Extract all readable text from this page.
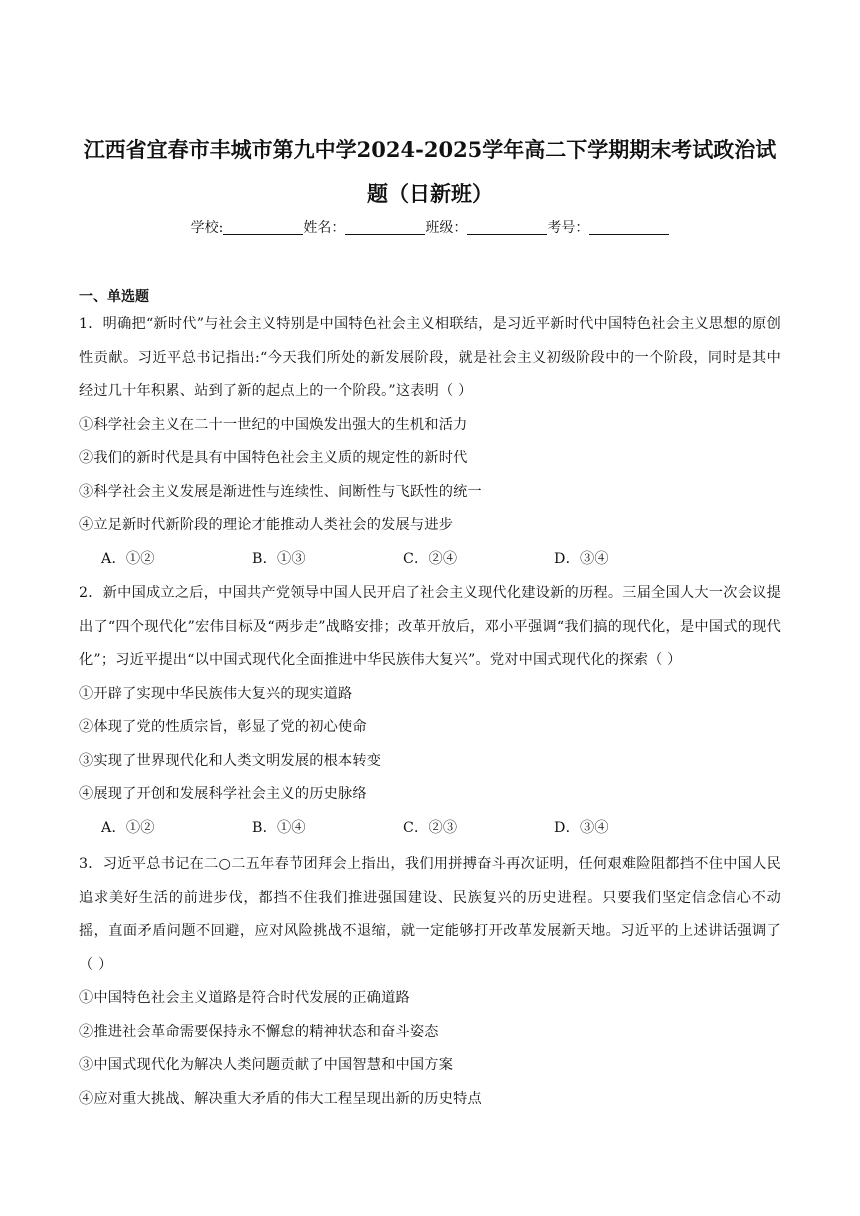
江西省宜春市丰城市第九中学2024-2025学年高二下学期期末考试政治试
题（日新班）
学校:	姓名：	班级：	考号：
一、单选题
1．明确把“新时代”与社会主义特别是中国特色社会主义相联结，是习近平新时代中国特色社会主义思想的原创性贡献。习近平总书记指出:“今天我们所处的新发展阶段，就是社会主义初级阶段中的一个阶段，同时是其中经过几十年积累、站到了新的起点上的一个阶段。”这表明（ ）
①科学社会主义在二十一世纪的中国焕发出强大的生机和活力
②我们的新时代是具有中国特色社会主义质的规定性的新时代
③科学社会主义发展是渐进性与连续性、间断性与飞跃性的统一
④立足新时代新阶段的理论才能推动人类社会的发展与进步
A．①②	B．①③	C．②④	D．③④
2．新中国成立之后，中国共产党领导中国人民开启了社会主义现代化建设新的历程。三届全国人大一次会议提出了“四个现代化”宏伟目标及“两步走”战略安排；改革开放后，邓小平强调“我们搞的现代化，是中国式的现代化”；习近平提出“以中国式现代化全面推进中华民族伟大复兴”。党对中国式现代化的探索（ ）
①开辟了实现中华民族伟大复兴的现实道路
②体现了党的性质宗旨，彰显了党的初心使命
③实现了世界现代化和人类文明发展的根本转变
④展现了开创和发展科学社会主义的历史脉络
A．①②	B．①④	C．②③	D．③④
3．习近平总书记在二○二五年春节团拜会上指出，我们用拼搏奋斗再次证明，任何艰难险阻都挡不住中国人民追求美好生活的前进步伐，都挡不住我们推进强国建设、民族复兴的历史进程。只要我们坚定信念信心不动摇，直面矛盾问题不回避，应对风险挑战不退缩，就一定能够打开改革发展新天地。习近平的上述讲话强调了（ ）
①中国特色社会主义道路是符合时代发展的正确道路
②推进社会革命需要保持永不懈怠的精神状态和奋斗姿态
③中国式现代化为解决人类问题贡献了中国智慧和中国方案
④应对重大挑战、解决重大矛盾的伟大工程呈现出新的历史特点
